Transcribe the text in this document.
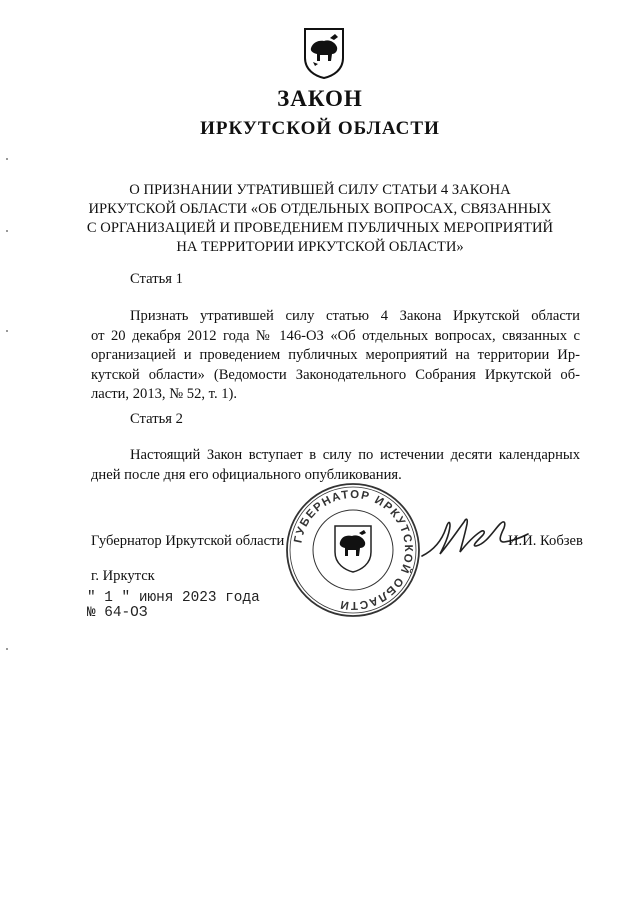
ЗАКОН
ИРКУТСКОЙ ОБЛАСТИ
О ПРИЗНАНИИ УТРАТИВШЕЙ СИЛУ СТАТЬИ 4 ЗАКОНА
ИРКУТСКОЙ ОБЛАСТИ «ОБ ОТДЕЛЬНЫХ ВОПРОСАХ, СВЯЗАННЫХ
С ОРГАНИЗАЦИЕЙ И ПРОВЕДЕНИЕМ ПУБЛИЧНЫХ МЕРОПРИЯТИЙ
НА ТЕРРИТОРИИ ИРКУТСКОЙ ОБЛАСТИ»
Статья 1
Признать утратившей силу статью 4 Закона Иркутской области
от 20 декабря 2012 года № 146-ОЗ «Об отдельных вопросах, связанных с
организацией и проведением публичных мероприятий на территории Ир-
кутской области» (Ведомости Законодательного Собрания Иркутской об-
ласти, 2013, № 52, т. 1).
Статья 2
Настоящий Закон вступает в силу по истечении десяти календарных
дней после дня его официального опубликования.
ГУБЕРНАТОР ИРКУТСКОЙ ОБЛАСТИ
Губернатор Иркутской области	И.И. Кобзев
г. Иркутск
" 1 " июня 2023 года
№ 64-ОЗ
